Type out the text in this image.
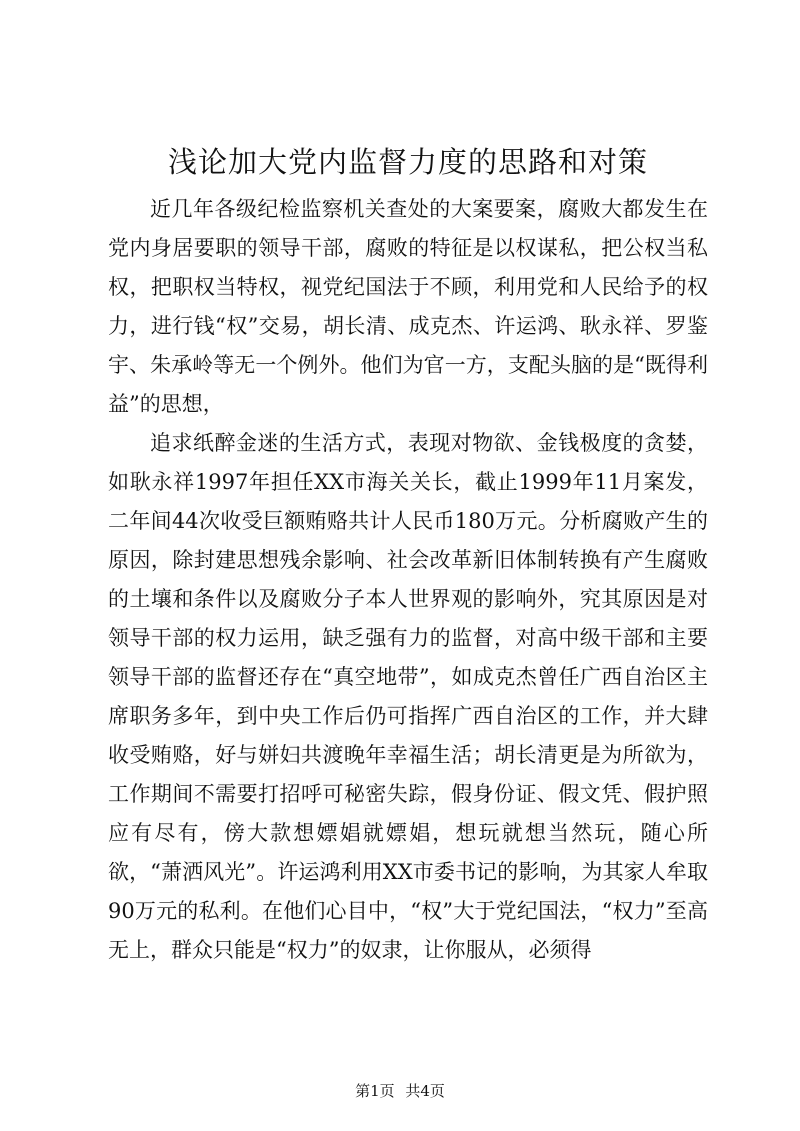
浅论加大党内监督力度的思路和对策

近几年各级纪检监察机关查处的大案要案，腐败大都发生在党内身居要职的领导干部，腐败的特征是以权谋私，把公权当私权，把职权当特权，视党纪国法于不顾，利用党和人民给予的权力，进行钱“权”交易，胡长清、成克杰、许运鸿、耿永祥、罗鉴宇、朱承岭等无一个例外。他们为官一方，支配头脑的是“既得利益”的思想，

追求纸醉金迷的生活方式，表现对物欲、金钱极度的贪婪，如耿永祥1997年担任XX市海关关长，截止1999年11月案发，二年间44次收受巨额贿赂共计人民币180万元。分析腐败产生的原因，除封建思想残余影响、社会改革新旧体制转换有产生腐败的土壤和条件以及腐败分子本人世界观的影响外，究其原因是对领导干部的权力运用，缺乏强有力的监督，对高中级干部和主要领导干部的监督还存在“真空地带”，如成克杰曾任广西自治区主席职务多年，到中央工作后仍可指挥广西自治区的工作，并大肆收受贿赂，好与姘妇共渡晚年幸福生活；胡长清更是为所欲为，工作期间不需要打招呼可秘密失踪，假身份证、假文凭、假护照应有尽有，傍大款想嫖娼就嫖娼，想玩就想当然玩，随心所欲，“萧洒风光”。许运鸿利用XX市委书记的影响，为其家人牟取90万元的私利。在他们心目中，“权”大于党纪国法，“权力”至高无上，群众只能是“权力”的奴隶，让你服从，必须得

第1页 共4页
